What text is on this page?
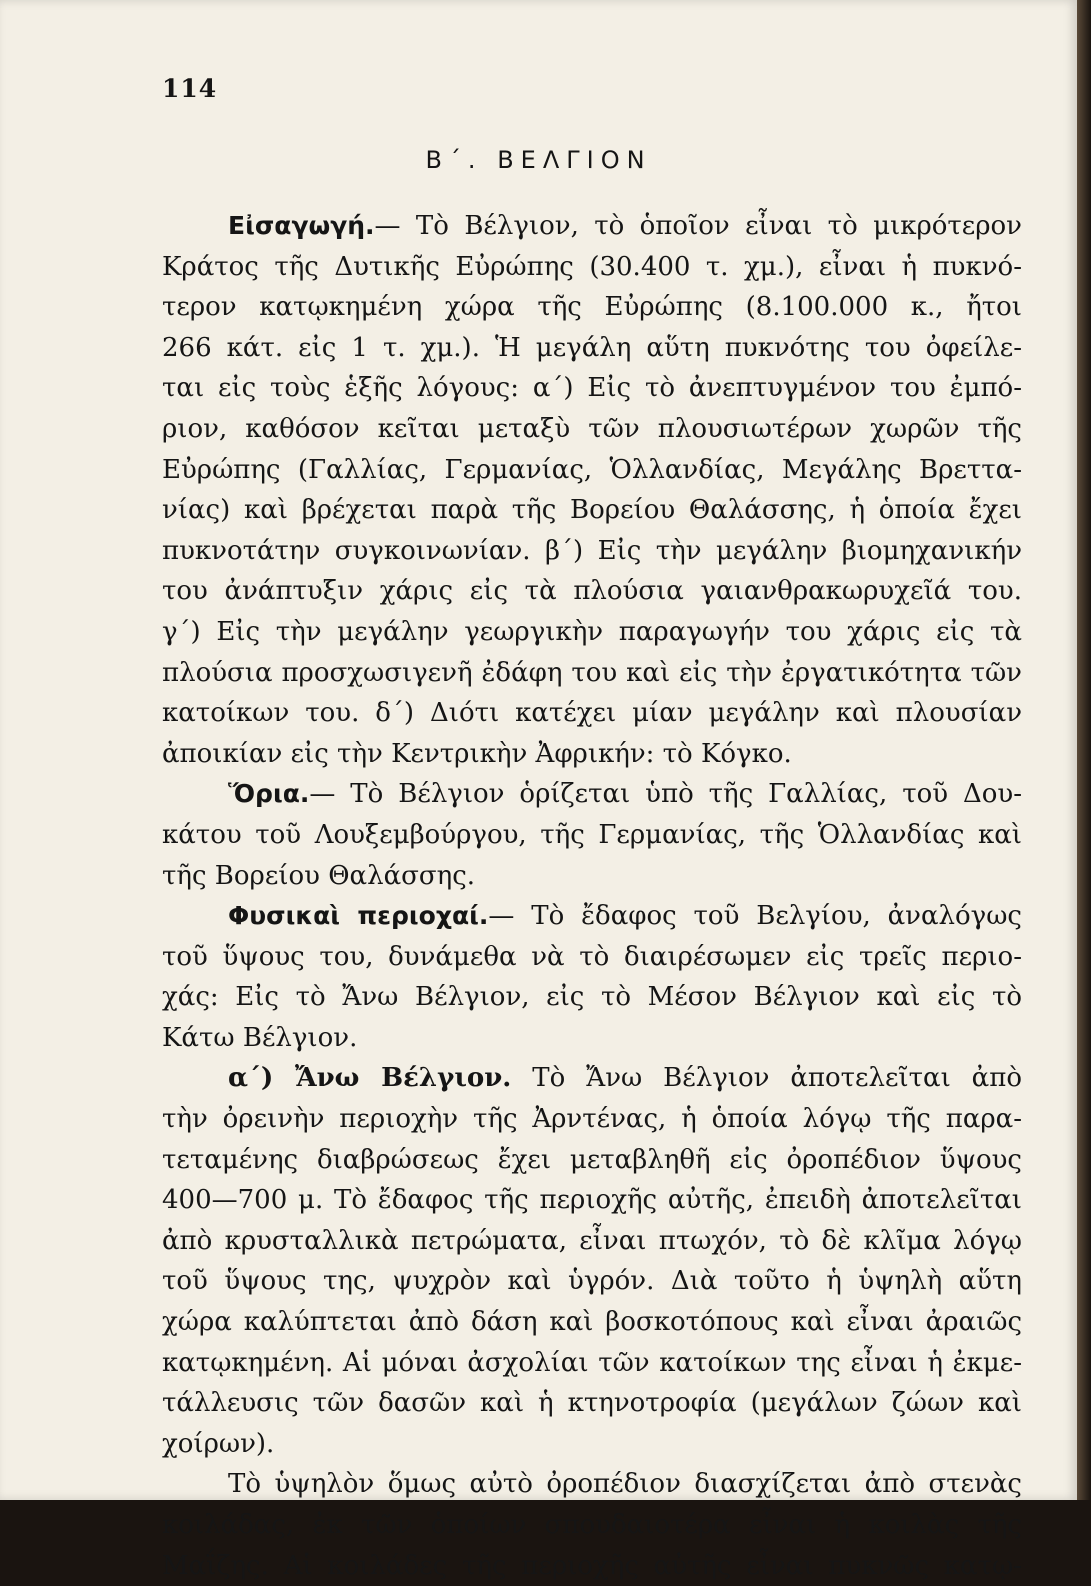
114
Β΄. ΒΕΛΓΙΟΝ
Εἰσαγωγή.— Τὸ Βέλγιον, τὸ ὁποῖον εἶναι τὸ μικρότερον
Κράτος τῆς Δυτικῆς Εὐρώπης (30.400 τ. χμ.), εἶναι ἡ πυκνό-
τερον κατῳκημένη χώρα τῆς Εὐρώπης (8.100.000 κ., ἤτοι
266 κάτ. εἰς 1 τ. χμ.). Ἡ μεγάλη αὕτη πυκνότης του ὀφείλε-
ται εἰς τοὺς ἑξῆς λόγους: α΄) Εἰς τὸ ἀνεπτυγμένον του ἐμπό-
ριον, καθόσον κεῖται μεταξὺ τῶν πλουσιωτέρων χωρῶν τῆς
Εὐρώπης (Γαλλίας, Γερμανίας, Ὁλλανδίας, Μεγάλης Βρεττα-
νίας) καὶ βρέχεται παρὰ τῆς Βορείου Θαλάσσης, ἡ ὁποία ἔχει
πυκνοτάτην συγκοινωνίαν. β΄) Εἰς τὴν μεγάλην βιομηχανικήν
του ἀνάπτυξιν χάρις εἰς τὰ πλούσια γαιανθρακωρυχεῖά του.
γ΄) Εἰς τὴν μεγάλην γεωργικὴν παραγωγήν του χάρις εἰς τὰ
πλούσια προσχωσιγενῆ ἐδάφη του καὶ εἰς τὴν ἐργατικότητα τῶν
κατοίκων του. δ΄) Διότι κατέχει μίαν μεγάλην καὶ πλουσίαν
ἀποικίαν εἰς τὴν Κεντρικὴν Ἀφρικήν: τὸ Κόγκο.
Ὅρια.— Τὸ Βέλγιον ὁρίζεται ὑπὸ τῆς Γαλλίας, τοῦ Δου-
κάτου τοῦ Λουξεμβούργου, τῆς Γερμανίας, τῆς Ὁλλανδίας καὶ
τῆς Βορείου Θαλάσσης.
Φυσικαὶ περιοχαί.— Τὸ ἔδαφος τοῦ Βελγίου, ἀναλόγως
τοῦ ὕψους του, δυνάμεθα νὰ τὸ διαιρέσωμεν εἰς τρεῖς περιο-
χάς: Εἰς τὸ Ἄνω Βέλγιον, εἰς τὸ Μέσον Βέλγιον καὶ εἰς τὸ
Κάτω Βέλγιον.
α΄) Ἄνω Βέλγιον. Τὸ Ἄνω Βέλγιον ἀποτελεῖται ἀπὸ
τὴν ὀρεινὴν περιοχὴν τῆς Ἀρντένας, ἡ ὁποία λόγῳ τῆς παρα-
τεταμένης διαβρώσεως ἔχει μεταβληθῆ εἰς ὀροπέδιον ὕψους
400—700 μ. Τὸ ἔδαφος τῆς περιοχῆς αὐτῆς, ἐπειδὴ ἀποτελεῖται
ἀπὸ κρυσταλλικὰ πετρώματα, εἶναι πτωχόν, τὸ δὲ κλῖμα λόγῳ
τοῦ ὕψους της, ψυχρὸν καὶ ὑγρόν. Διὰ τοῦτο ἡ ὑψηλὴ αὕτη
χώρα καλύπτεται ἀπὸ δάση καὶ βοσκοτόπους καὶ εἶναι ἀραιῶς
κατῳκημένη. Αἱ μόναι ἀσχολίαι τῶν κατοίκων της εἶναι ἡ ἐκμε-
τάλλευσις τῶν δασῶν καὶ ἡ κτηνοτροφία (μεγάλων ζώων καὶ
χοίρων).
Τὸ ὑψηλὸν ὅμως αὐτὸ ὀροπέδιον διασχίζεται ἀπὸ στενὰς
κοιλάδας, ἐκ τῶν ὁποίων σπουδαιοτέρα εἶναι ἡ κοιλὰς τῆς
Μαΐζης. Αἱ κοιλάδες τῆς περιοχῆς αὐτῆς εἶναι πυκνῶς κατῳ-
